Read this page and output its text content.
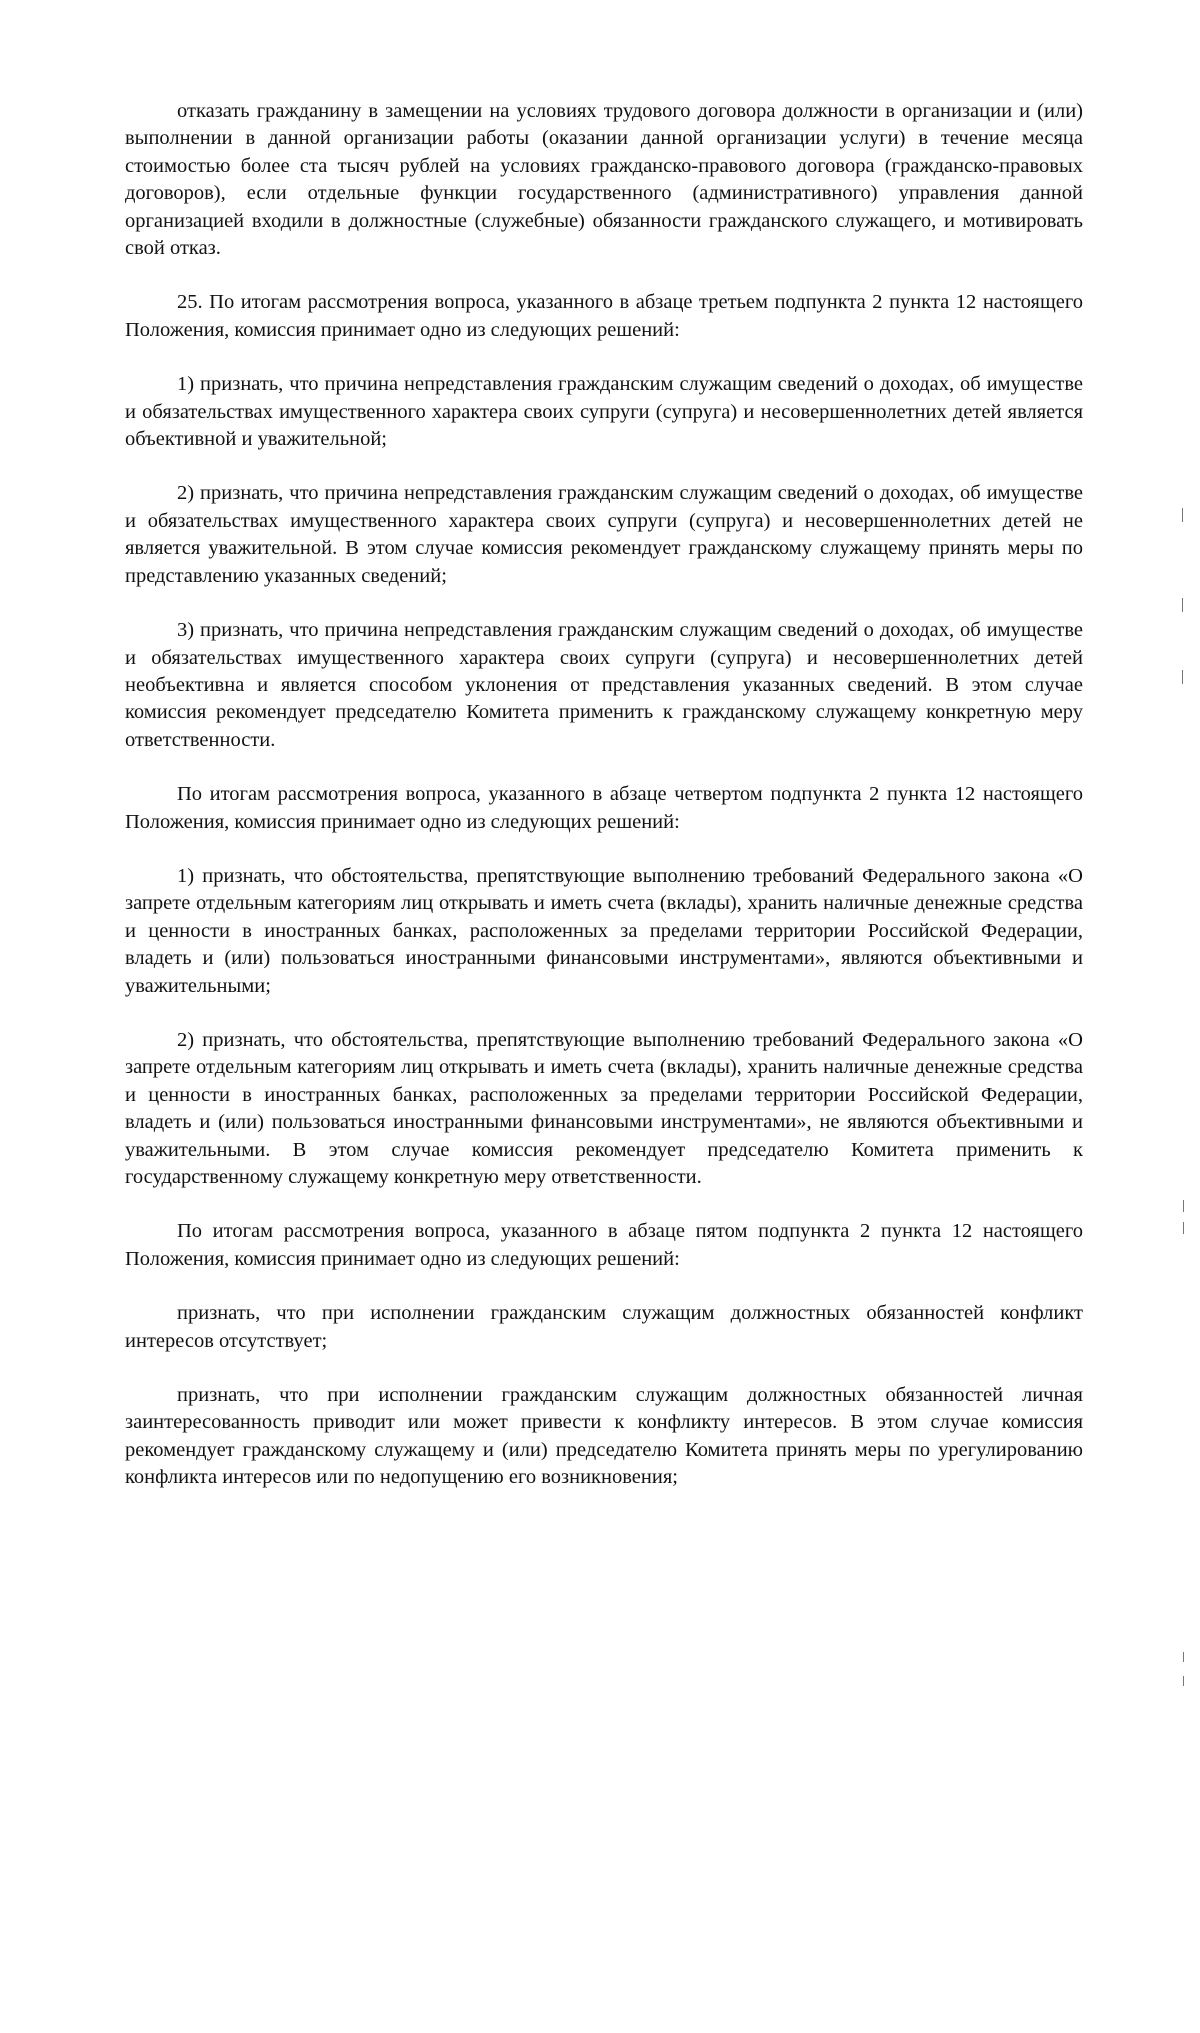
отказать гражданину в замещении на условиях трудового договора должности в организации и (или) выполнении в данной организации работы (оказании данной организации услуги) в течение месяца стоимостью более ста тысяч рублей на условиях гражданско-правового договора (гражданско-правовых договоров), если отдельные функции государственного (административного) управления данной организацией входили в должностные (служебные) обязанности гражданского служащего, и мотивировать свой отказ.

25. По итогам рассмотрения вопроса, указанного в абзаце третьем подпункта 2 пункта 12 настоящего Положения, комиссия принимает одно из следующих решений:

1) признать, что причина непредставления гражданским служащим сведений о доходах, об имуществе и обязательствах имущественного характера своих супруги (супруга) и несовершеннолетних детей является объективной и уважительной;

2) признать, что причина непредставления гражданским служащим сведений о доходах, об имуществе и обязательствах имущественного характера своих супруги (супруга) и несовершеннолетних детей не является уважительной. В этом случае комиссия рекомендует гражданскому служащему принять меры по представлению указанных сведений;

3) признать, что причина непредставления гражданским служащим сведений о доходах, об имуществе и обязательствах имущественного характера своих супруги (супруга) и несовершеннолетних детей необъективна и является способом уклонения от представления указанных сведений. В этом случае комиссия рекомендует председателю Комитета применить к гражданскому служащему конкретную меру ответственности.

По итогам рассмотрения вопроса, указанного в абзаце четвертом подпункта 2 пункта 12 настоящего Положения, комиссия принимает одно из следующих решений:

1) признать, что обстоятельства, препятствующие выполнению требований Федерального закона «О запрете отдельным категориям лиц открывать и иметь счета (вклады), хранить наличные денежные средства и ценности в иностранных банках, расположенных за пределами территории Российской Федерации, владеть и (или) пользоваться иностранными финансовыми инструментами», являются объективными и уважительными;

2) признать, что обстоятельства, препятствующие выполнению требований Федерального закона «О запрете отдельным категориям лиц открывать и иметь счета (вклады), хранить наличные денежные средства и ценности в иностранных банках, расположенных за пределами территории Российской Федерации, владеть и (или) пользоваться иностранными финансовыми инструментами», не являются объективными и уважительными. В этом случае комиссия рекомендует председателю Комитета применить к государственному служащему конкретную меру ответственности.

По итогам рассмотрения вопроса, указанного в абзаце пятом подпункта 2 пункта 12 настоящего Положения, комиссия принимает одно из следующих решений:

признать, что при исполнении гражданским служащим должностных обязанностей конфликт интересов отсутствует;

признать, что при исполнении гражданским служащим должностных обязанностей личная заинтересованность приводит или может привести к конфликту интересов. В этом случае комиссия рекомендует гражданскому служащему и (или) председателю Комитета принять меры по урегулированию конфликта интересов или по недопущению его возникновения;
